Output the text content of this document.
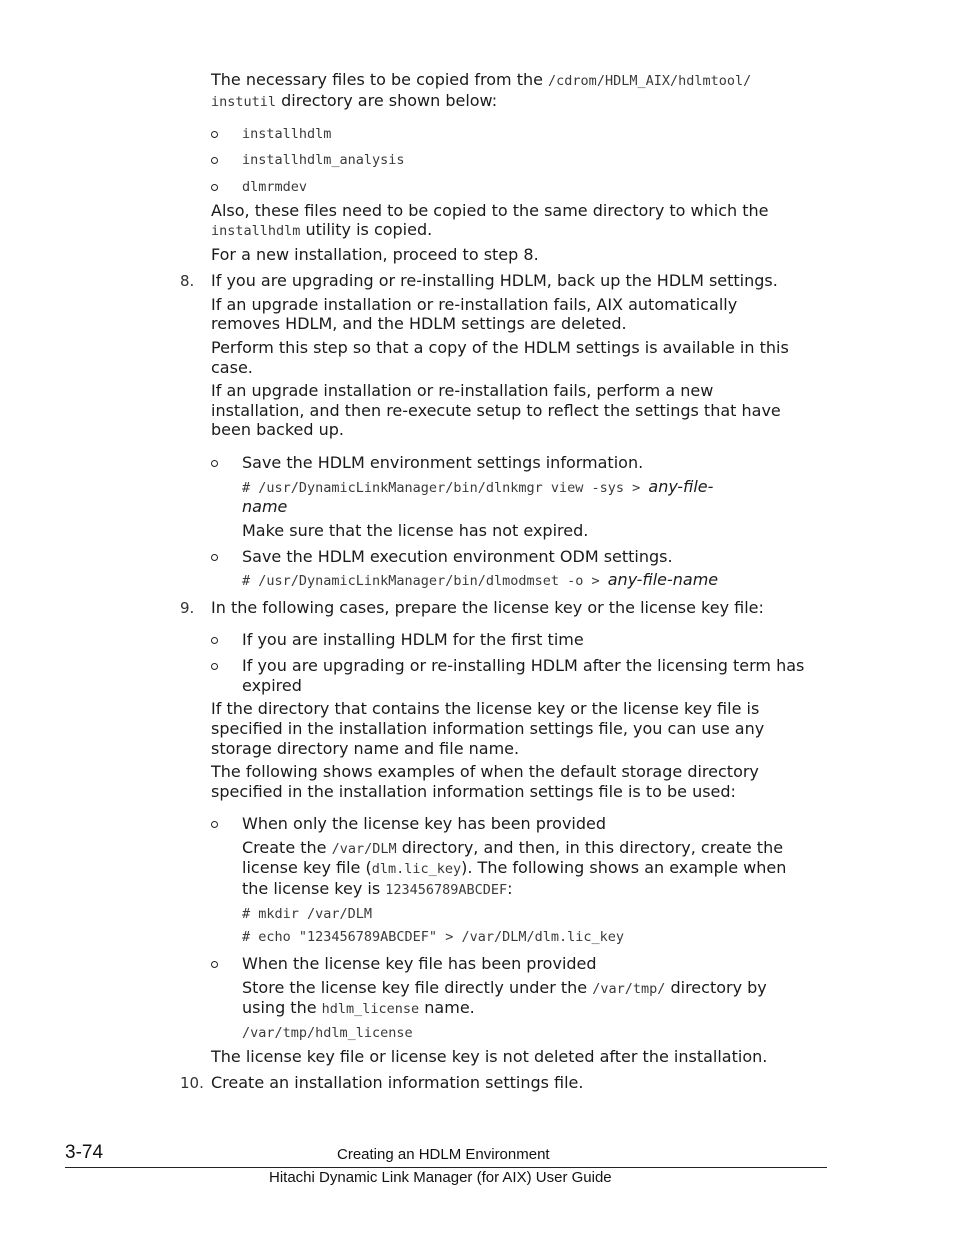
The necessary files to be copied from the /cdrom/HDLM_AIX/hdlmtool/
instutil directory are shown below:
installhdlm
installhdlm_analysis
dlmrmdev
Also, these files need to be copied to the same directory to which the
installhdlm utility is copied.
For a new installation, proceed to step 8.
8. If you are upgrading or re-installing HDLM, back up the HDLM settings.
If an upgrade installation or re-installation fails, AIX automatically
removes HDLM, and the HDLM settings are deleted.
Perform this step so that a copy of the HDLM settings is available in this
case.
If an upgrade installation or re-installation fails, perform a new
installation, and then re-execute setup to reflect the settings that have
been backed up.
Save the HDLM environment settings information.
# /usr/DynamicLinkManager/bin/dlnkmgr view -sys > any-file-
name
Make sure that the license has not expired.
Save the HDLM execution environment ODM settings.
# /usr/DynamicLinkManager/bin/dlmodmset -o > any-file-name
9. In the following cases, prepare the license key or the license key file:
If you are installing HDLM for the first time
If you are upgrading or re-installing HDLM after the licensing term has
expired
If the directory that contains the license key or the license key file is
specified in the installation information settings file, you can use any
storage directory name and file name.
The following shows examples of when the default storage directory
specified in the installation information settings file is to be used:
When only the license key has been provided
Create the /var/DLM directory, and then, in this directory, create the
license key file (dlm.lic_key). The following shows an example when
the license key is 123456789ABCDEF:
# mkdir /var/DLM
# echo "123456789ABCDEF" > /var/DLM/dlm.lic_key
When the license key file has been provided
Store the license key file directly under the /var/tmp/ directory by
using the hdlm_license name.
/var/tmp/hdlm_license
The license key file or license key is not deleted after the installation.
10. Create an installation information settings file.
3-74	Creating an HDLM Environment
Hitachi Dynamic Link Manager (for AIX) User Guide
